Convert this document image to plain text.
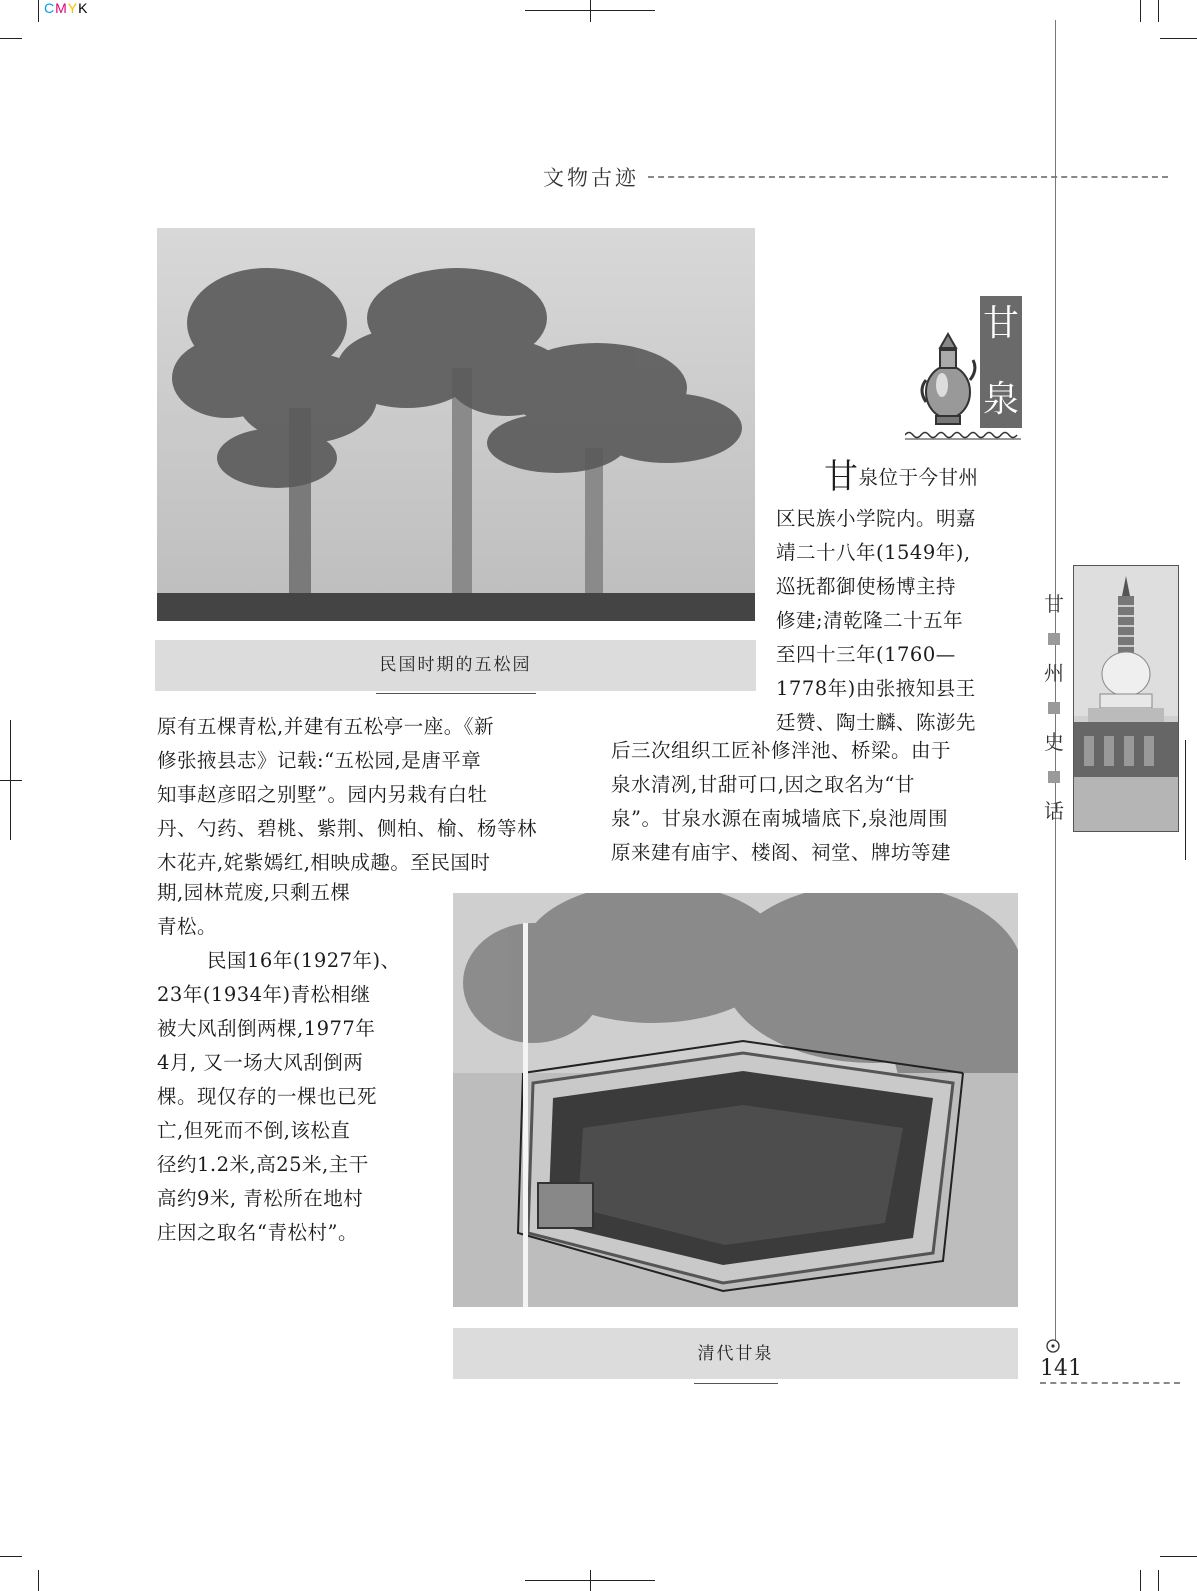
CMYK
文物古迹
民国时期的五松园
甘
泉
甘泉位于今甘州
区民族小学院内。明嘉
靖二十八年(1549年),
巡抚都御使杨博主持
修建;清乾隆二十五年
至四十三年(1760—
1778年)由张掖知县王
廷赞、陶士麟、陈澎先
后三次组织工匠补修泮池、桥梁。由于
泉水清冽,甘甜可口,因之取名为“甘
泉”。甘泉水源在南城墙底下,泉池周围
原来建有庙宇、楼阁、祠堂、牌坊等建
原有五棵青松,并建有五松亭一座。《新
修张掖县志》记载:“五松园,是唐平章
知事赵彦昭之别墅”。园内另栽有白牡
丹、勺药、碧桃、紫荆、侧柏、榆、杨等林
木花卉,姹紫嫣红,相映成趣。至民国时
期,园林荒废,只剩五棵
青松。
民国16年(1927年)、
23年(1934年)青松相继
被大风刮倒两棵,1977年
4月, 又一场大风刮倒两
棵。现仅存的一棵也已死
亡,但死而不倒,该松直
径约1.2米,高25米,主干
高约9米, 青松所在地村
庄因之取名“青松村”。
清代甘泉
甘
州
史
话
141
